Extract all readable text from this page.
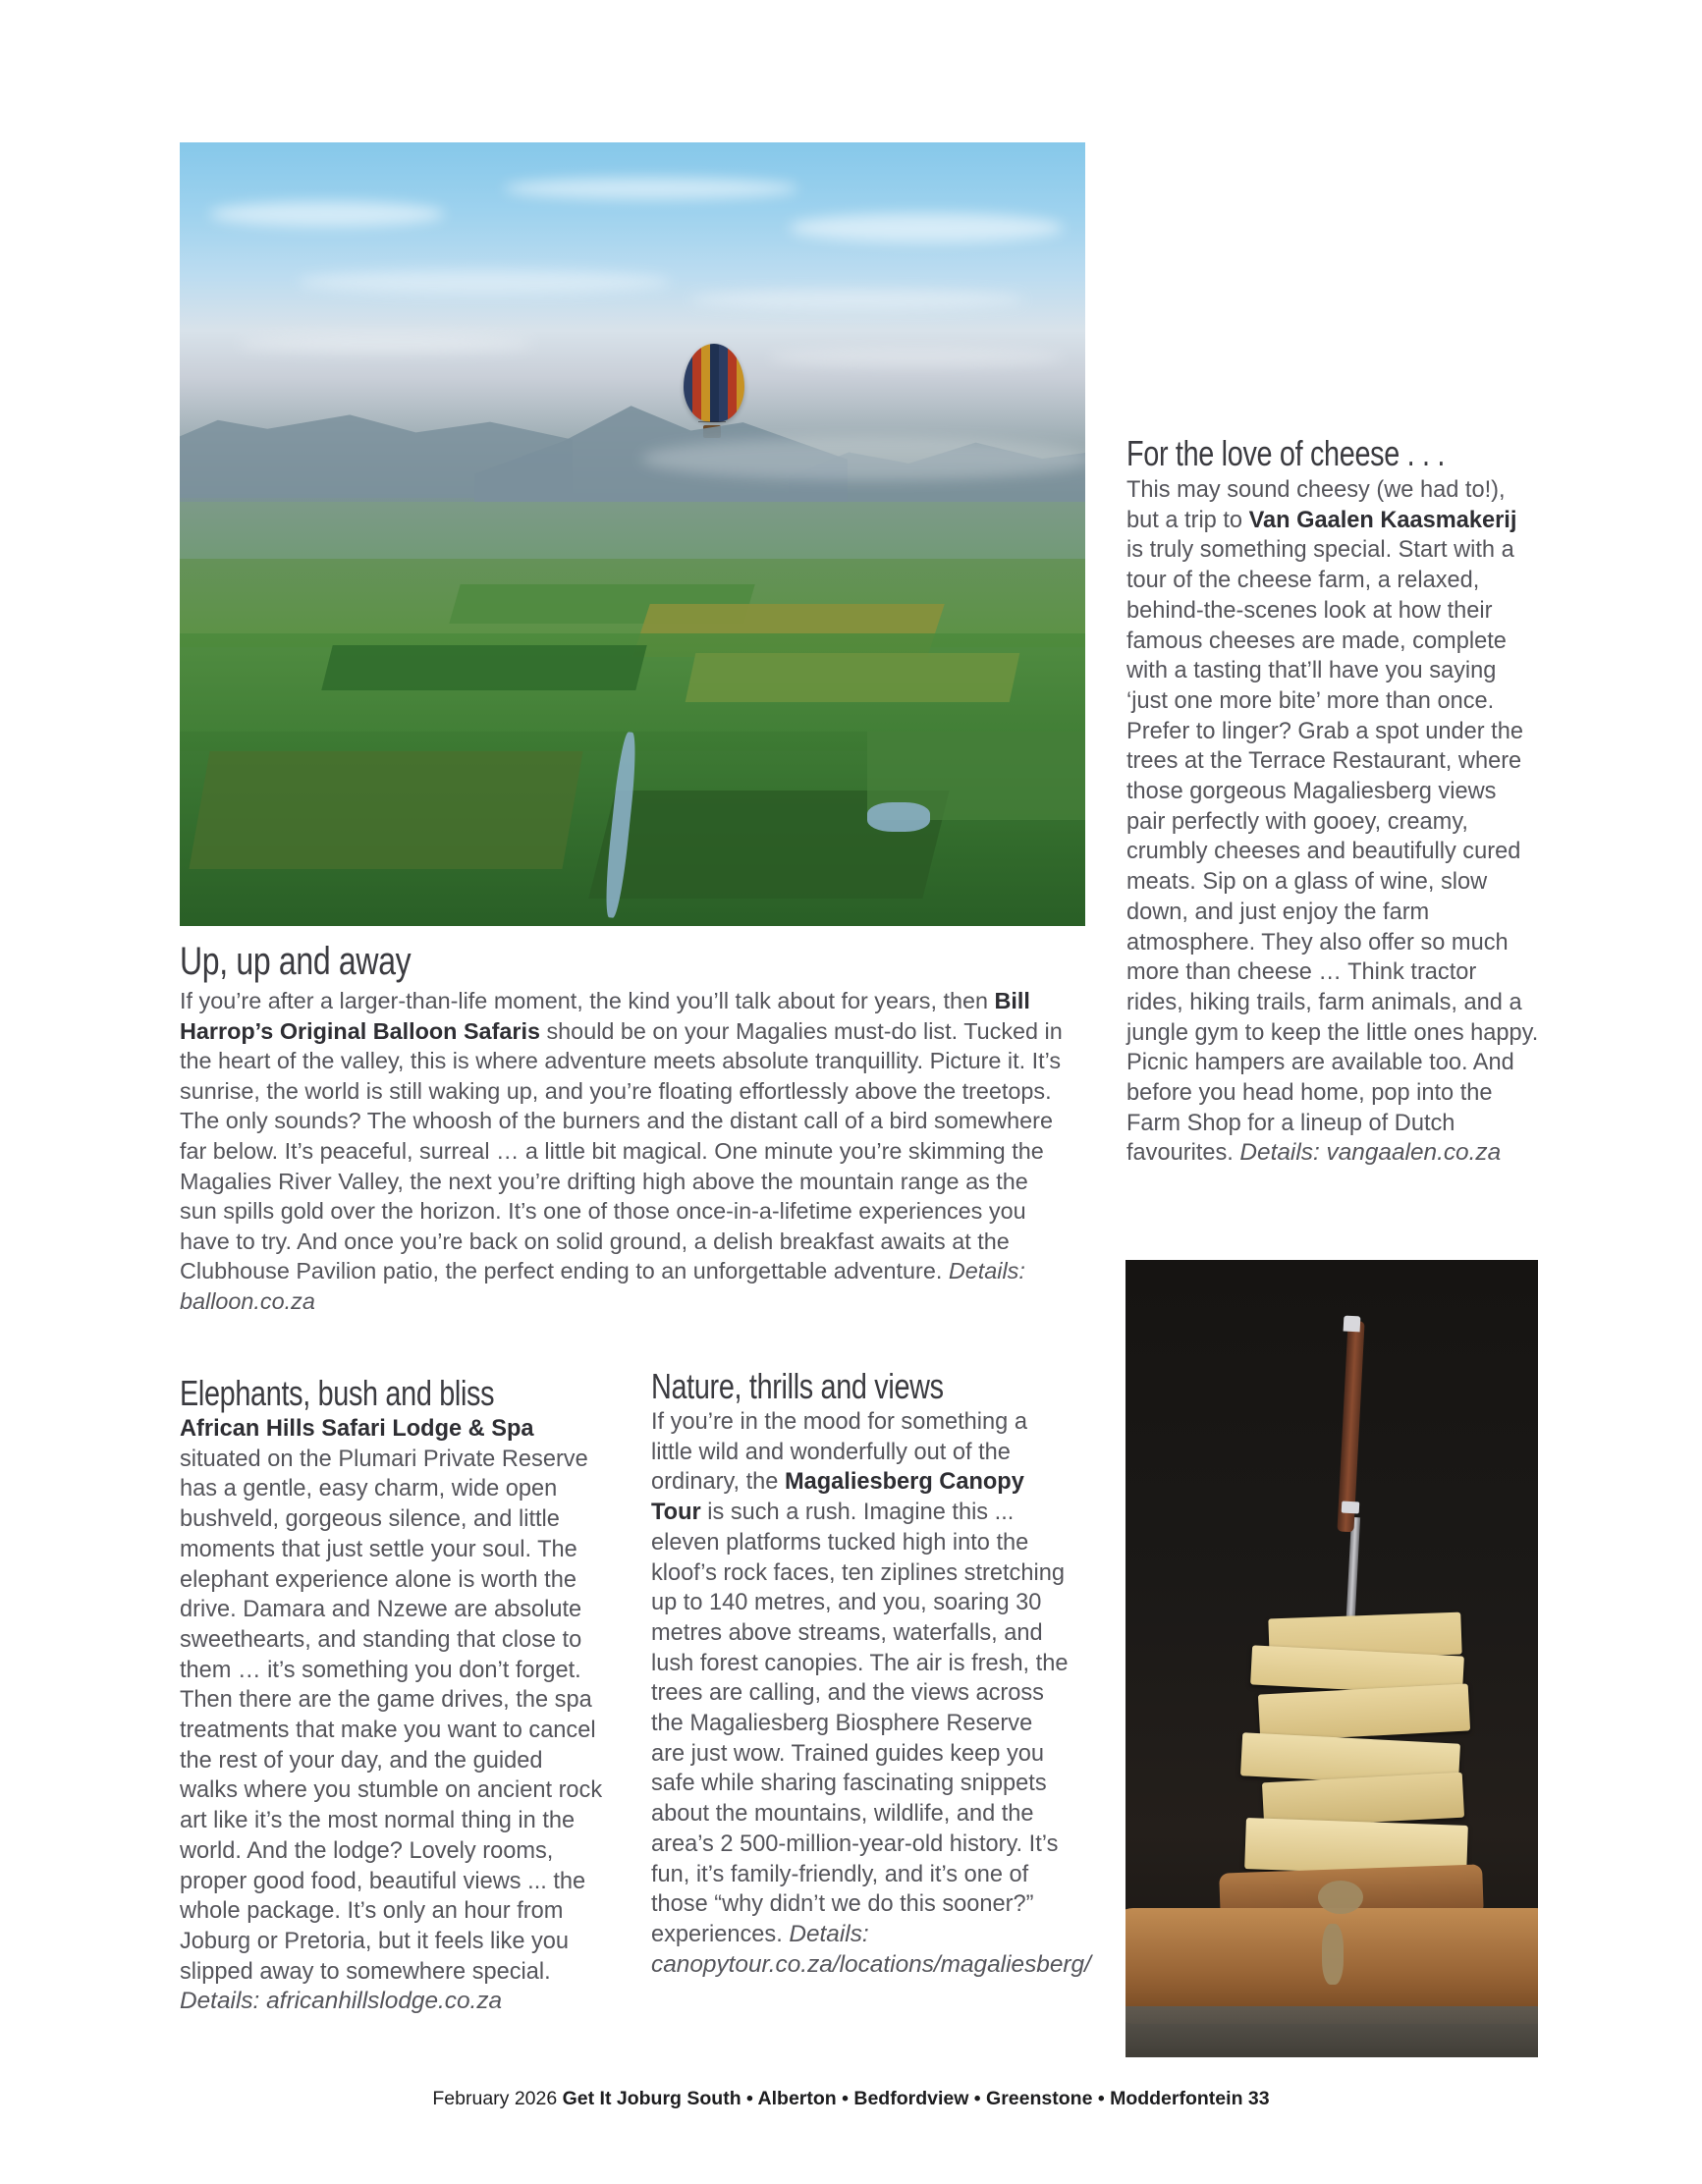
Up, up and away
If you’re after a larger-than-life moment, the kind you’ll talk about for years, then Bill Harrop’s Original Balloon Safaris should be on your Magalies must-do list. Tucked in the heart of the valley, this is where adventure meets absolute tranquillity. Picture it. It’s sunrise, the world is still waking up, and you’re floating effortlessly above the treetops. The only sounds? The whoosh of the burners and the distant call of a bird somewhere far below. It’s peaceful, surreal … a little bit magical. One minute you’re skimming the Magalies River Valley, the next you’re drifting high above the mountain range as the sun spills gold over the horizon. It’s one of those once-in-a-lifetime experiences you have to try. And once you’re back on solid ground, a delish breakfast awaits at the Clubhouse Pavilion patio, the perfect ending to an unforgettable adventure. Details: balloon.co.za
For the love of cheese . . .
This may sound cheesy (we had to!), but a trip to Van Gaalen Kaasmakerij is truly something special. Start with a tour of the cheese farm, a relaxed, behind-the-scenes look at how their famous cheeses are made, complete with a tasting that’ll have you saying ‘just one more bite’ more than once. Prefer to linger? Grab a spot under the trees at the Terrace Restaurant, where those gorgeous Magaliesberg views pair perfectly with gooey, creamy, crumbly cheeses and beautifully cured meats. Sip on a glass of wine, slow down, and just enjoy the farm atmosphere. They also offer so much more than cheese … Think tractor rides, hiking trails, farm animals, and a jungle gym to keep the little ones happy. Picnic hampers are available too. And before you head home, pop into the Farm Shop for a lineup of Dutch favourites. Details: vangaalen.co.za
Elephants, bush and bliss
African Hills Safari Lodge & Spa situated on the Plumari Private Reserve has a gentle, easy charm, wide open bushveld, gorgeous silence, and little moments that just settle your soul. The elephant experience alone is worth the drive. Damara and Nzewe are absolute sweethearts, and standing that close to them … it’s something you don’t forget. Then there are the game drives, the spa treatments that make you want to cancel the rest of your day, and the guided walks where you stumble on ancient rock art like it’s the most normal thing in the world. And the lodge? Lovely rooms, proper good food, beautiful views ... the whole package. It’s only an hour from Joburg or Pretoria, but it feels like you slipped away to somewhere special. Details: africanhillslodge.co.za
Nature, thrills and views
If you’re in the mood for something a little wild and wonderfully out of the ordinary, the Magaliesberg Canopy Tour is such a rush. Imagine this ... eleven platforms tucked high into the kloof’s rock faces, ten ziplines stretching up to 140 metres, and you, soaring 30 metres above streams, waterfalls, and lush forest canopies. The air is fresh, the trees are calling, and the views across the Magaliesberg Biosphere Reserve are just wow. Trained guides keep you safe while sharing fascinating snippets about the mountains, wildlife, and the area’s 2 500-million-year-old history. It’s fun, it’s family-friendly, and it’s one of those “why didn’t we do this sooner?” experiences. Details: canopytour.co.za/locations/magaliesberg/
February 2026 Get It Joburg South • Alberton • Bedfordview • Greenstone • Modderfontein 33
